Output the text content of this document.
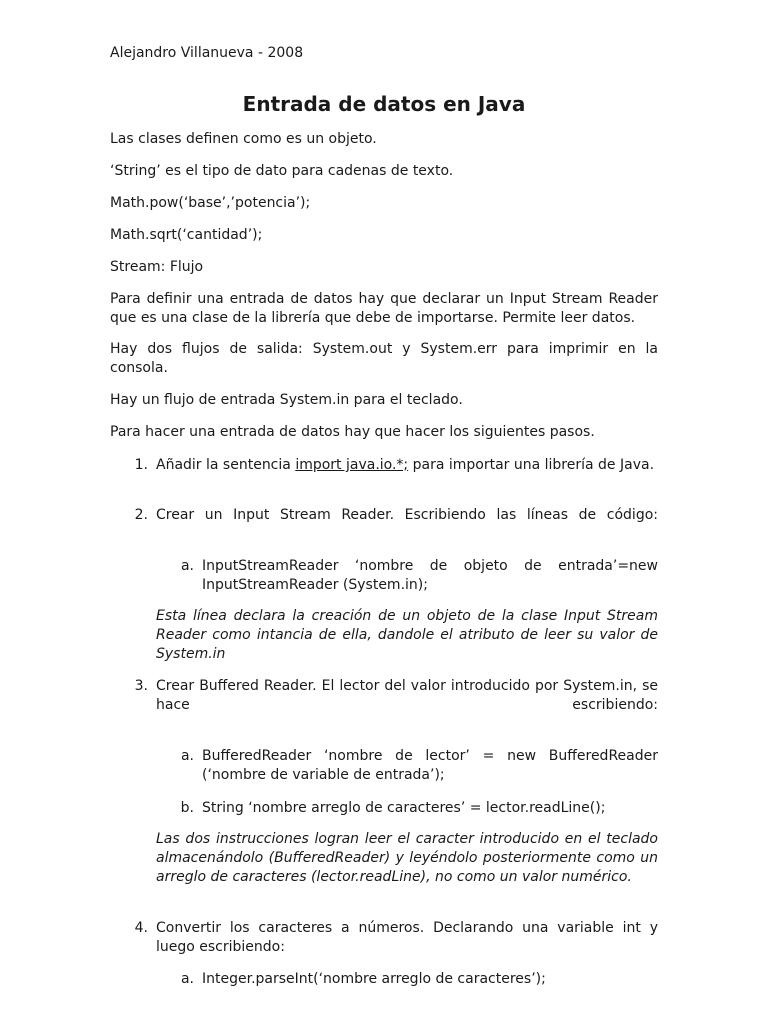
Alejandro Villanueva - 2008
Entrada de datos en Java

Las clases definen como es un objeto.

‘String’ es el tipo de dato para cadenas de texto.

Math.pow(‘base’,’potencia’);

Math.sqrt(‘cantidad’);

Stream: Flujo

Para definir una entrada de datos hay que declarar un Input Stream Reader que es una clase de la librería que debe de importarse. Permite leer datos.

Hay dos flujos de salida: System.out y System.err para imprimir en la consola.

Hay un flujo de entrada System.in para el teclado.

Para hacer una entrada de datos hay que hacer los siguientes pasos.

1. Añadir la sentencia import java.io.*; para importar una librería de Java.

2. Crear un Input Stream Reader. Escribiendo las líneas de código:

a. InputStreamReader ‘nombre de objeto de entrada’=new InputStreamReader (System.in);

Esta línea declara la creación de un objeto de la clase Input Stream Reader como intancia de ella, dandole el atributo de leer su valor de System.in

3. Crear Buffered Reader. El lector del valor introducido por System.in, se hace escribiendo:

a. BufferedReader ‘nombre de lector’ = new BufferedReader (‘nombre de variable de entrada’);

b. String ‘nombre arreglo de caracteres’ = lector.readLine();

Las dos instrucciones logran leer el caracter introducido en el teclado almacenándolo (BufferedReader) y leyéndolo posteriormente como un arreglo de caracteres (lector.readLine), no como un valor numérico.

4. Convertir los caracteres a números. Declarando una variable int y luego escribiendo:

a. Integer.parseInt(‘nombre arreglo de caracteres’);
